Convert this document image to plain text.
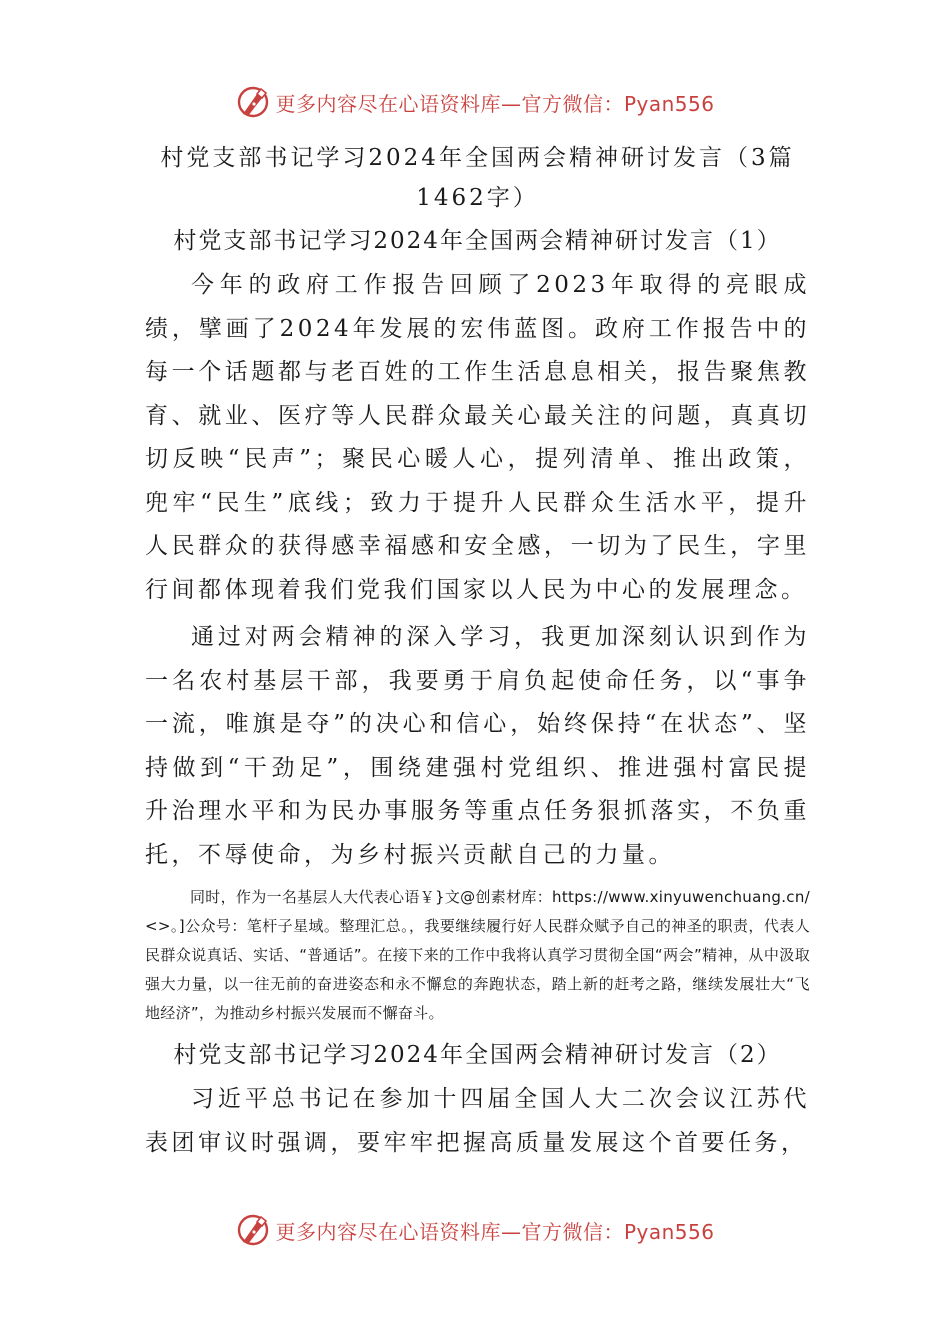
更多内容尽在心语资料库—官方微信：Pyan556

村党支部书记学习2024年全国两会精神研讨发言（3篇

1462字）

村党支部书记学习2024年全国两会精神研讨发言（1）

今年的政府工作报告回顾了2023年取得的亮眼成绩，擘画了2024年发展的宏伟蓝图。政府工作报告中的每一个话题都与老百姓的工作生活息息相关，报告聚焦教育、就业、医疗等人民群众最关心最关注的问题，真真切切反映“民声”；聚民心暖人心，提列清单、推出政策，兜牢“民生”底线；致力于提升人民群众生活水平，提升人民群众的获得感幸福感和安全感，一切为了民生，字里行间都体现着我们党我们国家以人民为中心的发展理念。

通过对两会精神的深入学习，我更加深刻认识到作为一名农村基层干部，我要勇于肩负起使命任务，以“事争一流，唯旗是夺”的决心和信心，始终保持“在状态”、坚持做到“干劲足”，围绕建强村党组织、推进强村富民提升治理水平和为民办事服务等重点任务狠抓落实，不负重托，不辱使命，为乡村振兴贡献自己的力量。

同时，作为一名基层人大代表心语￥}文@创素材库：https://www.xinyuwenchuang.cn/<>。]公众号：笔杆子星域。整理汇总。，我要继续履行好人民群众赋予自己的神圣的职责，代表人民群众说真话、实话、“普通话”。在接下来的工作中我将认真学习贯彻全国“两会”精神，从中汲取强大力量，以一往无前的奋进姿态和永不懈怠的奔跑状态，踏上新的赶考之路，继续发展壮大“飞地经济”，为推动乡村振兴发展而不懈奋斗。

村党支部书记学习2024年全国两会精神研讨发言（2）

习近平总书记在参加十四届全国人大二次会议江苏代表团审议时强调，要牢牢把握高质量发展这个首要任务，

更多内容尽在心语资料库—官方微信：Pyan556
